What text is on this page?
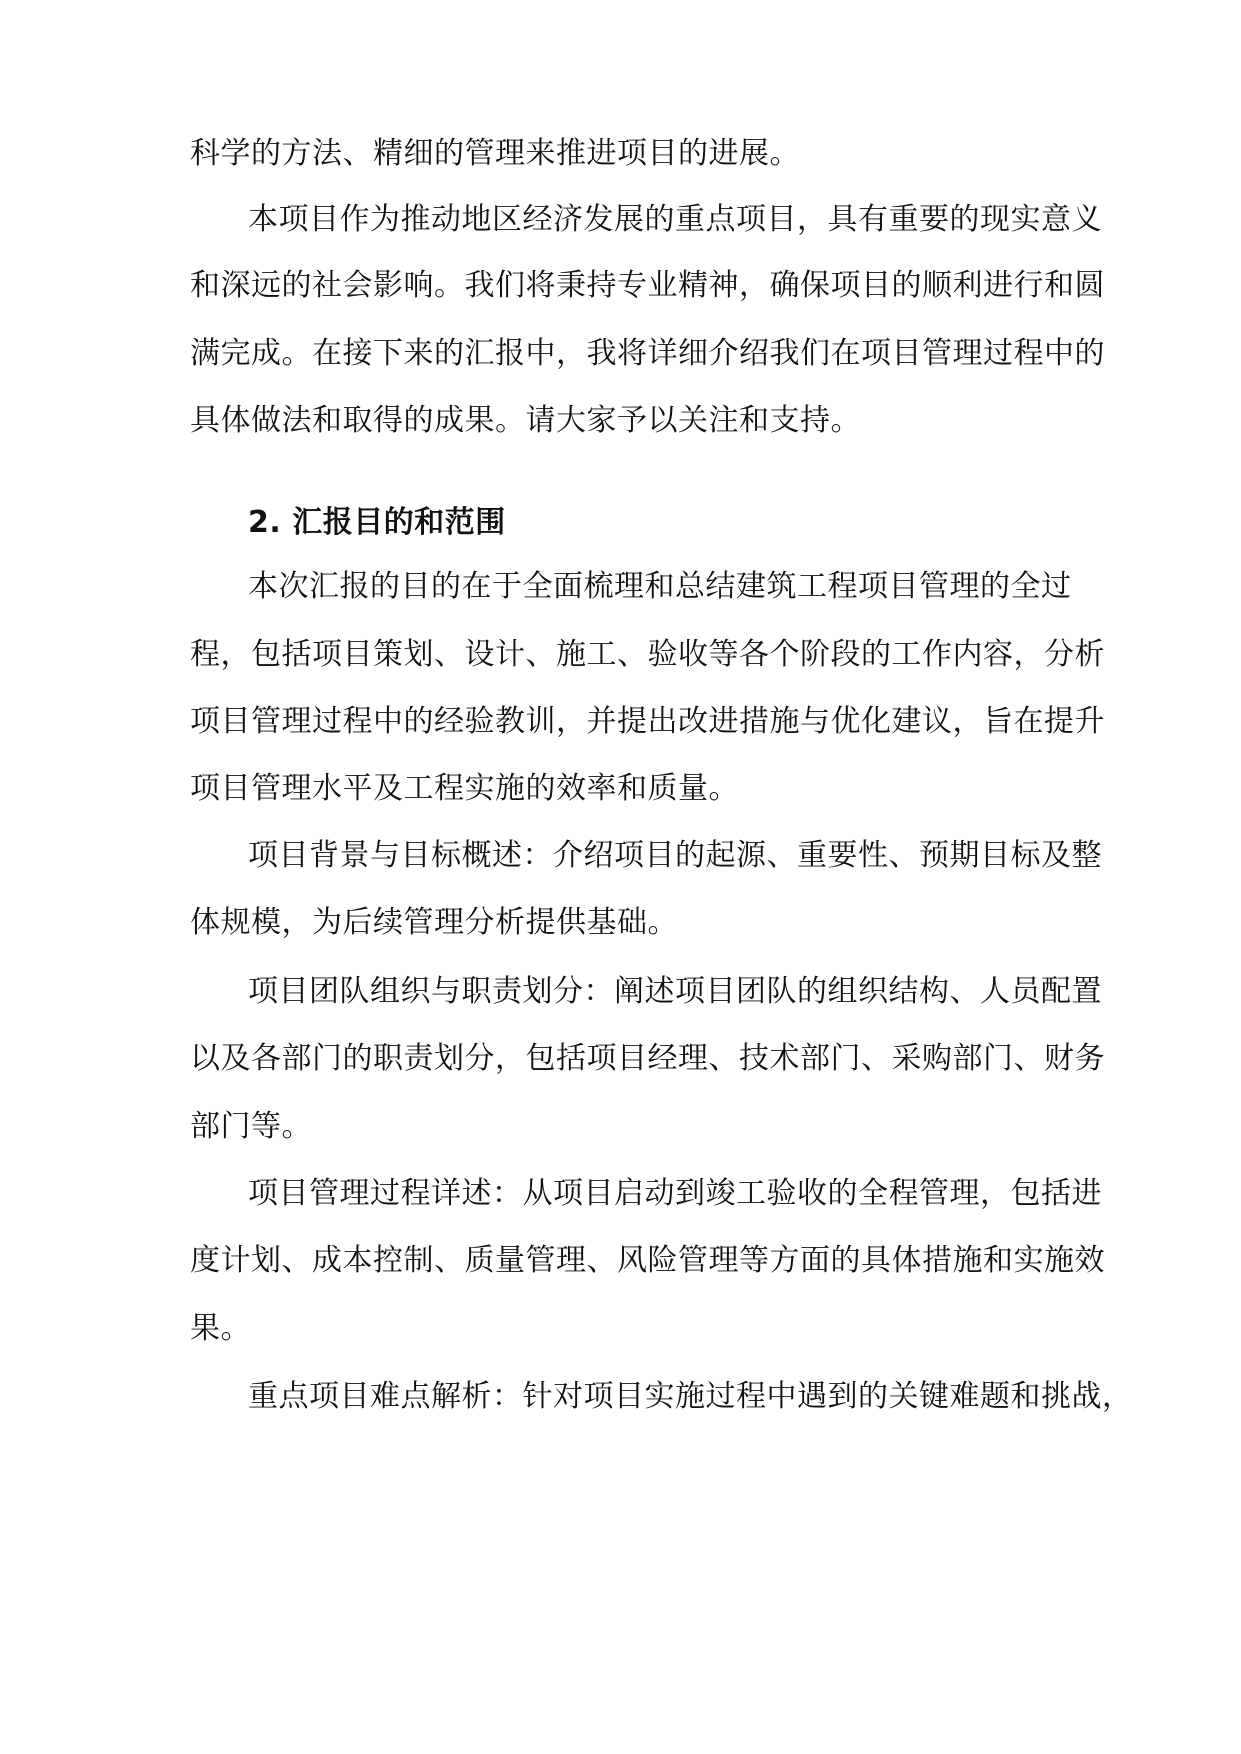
科学的方法、精细的管理来推进项目的进展。

本项目作为推动地区经济发展的重点项目，具有重要的现实意义

和深远的社会影响。我们将秉持专业精神，确保项目的顺利进行和圆

满完成。在接下来的汇报中，我将详细介绍我们在项目管理过程中的

具体做法和取得的成果。请大家予以关注和支持。

2. 汇报目的和范围

本次汇报的目的在于全面梳理和总结建筑工程项目管理的全过

程，包括项目策划、设计、施工、验收等各个阶段的工作内容，分析

项目管理过程中的经验教训，并提出改进措施与优化建议，旨在提升

项目管理水平及工程实施的效率和质量。

项目背景与目标概述：介绍项目的起源、重要性、预期目标及整

体规模，为后续管理分析提供基础。

项目团队组织与职责划分：阐述项目团队的组织结构、人员配置

以及各部门的职责划分，包括项目经理、技术部门、采购部门、财务

部门等。

项目管理过程详述：从项目启动到竣工验收的全程管理，包括进

度计划、成本控制、质量管理、风险管理等方面的具体措施和实施效

果。

重点项目难点解析：针对项目实施过程中遇到的关键难题和挑战，
